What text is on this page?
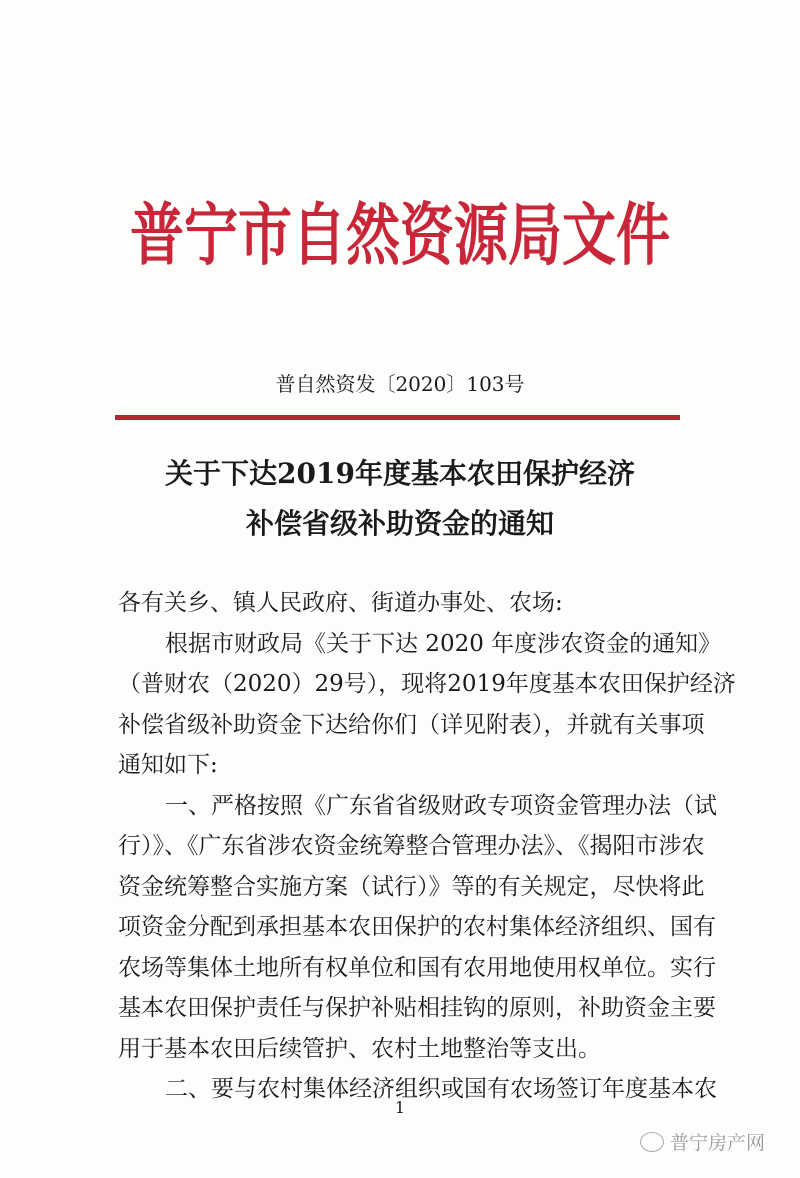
普宁市自然资源局文件
普自然资发〔2020〕103号
关于下达2019年度基本农田保护经济
补偿省级补助资金的通知
各有关乡、镇人民政府、街道办事处、农场:
根据市财政局《关于下达 2020 年度涉农资金的通知》
（普财农（2020）29号），现将2019年度基本农田保护经济
补偿省级补助资金下达给你们（详见附表），并就有关事项
通知如下:
一、严格按照《广东省省级财政专项资金管理办法（试
行）》、《广东省涉农资金统筹整合管理办法》、《揭阳市涉农
资金统筹整合实施方案（试行）》等的有关规定，尽快将此
项资金分配到承担基本农田保护的农村集体经济组织、国有
农场等集体土地所有权单位和国有农用地使用权单位。实行
基本农田保护责任与保护补贴相挂钩的原则，补助资金主要
用于基本农田后续管护、农村土地整治等支出。
二、要与农村集体经济组织或国有农场签订年度基本农
1
普宁房产网
